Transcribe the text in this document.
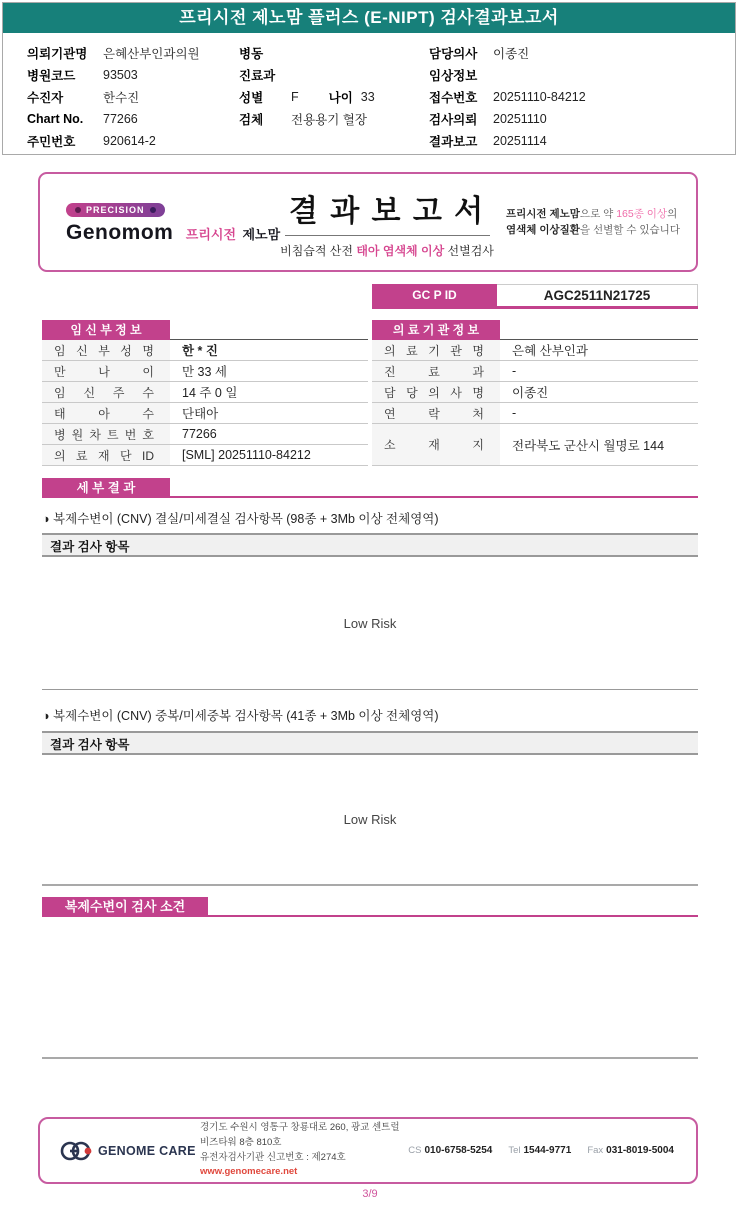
프리시전 제노맘 플러스 (E-NIPT) 검사결과보고서
의뢰기관명	은혜산부인과의원
병원코드	93503
수진자	한수진
Chart No.	77266
주민번호	920614-2
병동
진료과
성별	F 나이 33
검체	전용용기 혈장
담당의사	이종진
임상정보
접수번호	20251110-84212
검사의뢰	20251110
결과보고	20251114
PRECISION
Genomom 프리시전 제노맘
결 과 보 고 서
비침습적 산전 태아 염색체 이상 선별검사
프리시전 제노맘으로 약 165종 이상의 염색체 이상질환을 선별할 수 있습니다
GC P ID	AGC2511N21725
임 신 부 정 보
임 신 부 성 명	한 * 진
만 나 이	만 33 세
임 신 주 수	14 주 0 일
태 아 수	단태아
병 원 차 트 번 호	77266
의 료 재 단 ID	[SML] 20251110-84212
의 료 기 관 정 보
의 료 기 관 명	은혜 산부인과
진 료 과	-
담 당 의 사 명	이종진
연 락 처	-
소 재 지	전라북도 군산시 월명로 144
세 부 결 과
◑ 복제수변이 (CNV) 결실/미세결실 검사항목 (98종 + 3Mb 이상 전체영역)
결과 검사 항목
Low Risk
◑ 복제수변이 (CNV) 중복/미세중복 검사항목 (41종 + 3Mb 이상 전체영역)
결과 검사 항목
Low Risk
복제수변이 검사 소견
GENOME CARE
경기도 수원시 영통구 창룡대로 260, 광교 센트럴비즈타워 8층 810호
유전자검사기관 신고번호 : 제274호
www.genomecare.net
CS 010-6758-5254 Tel 1544-9771 Fax 031-8019-5004
3/9
